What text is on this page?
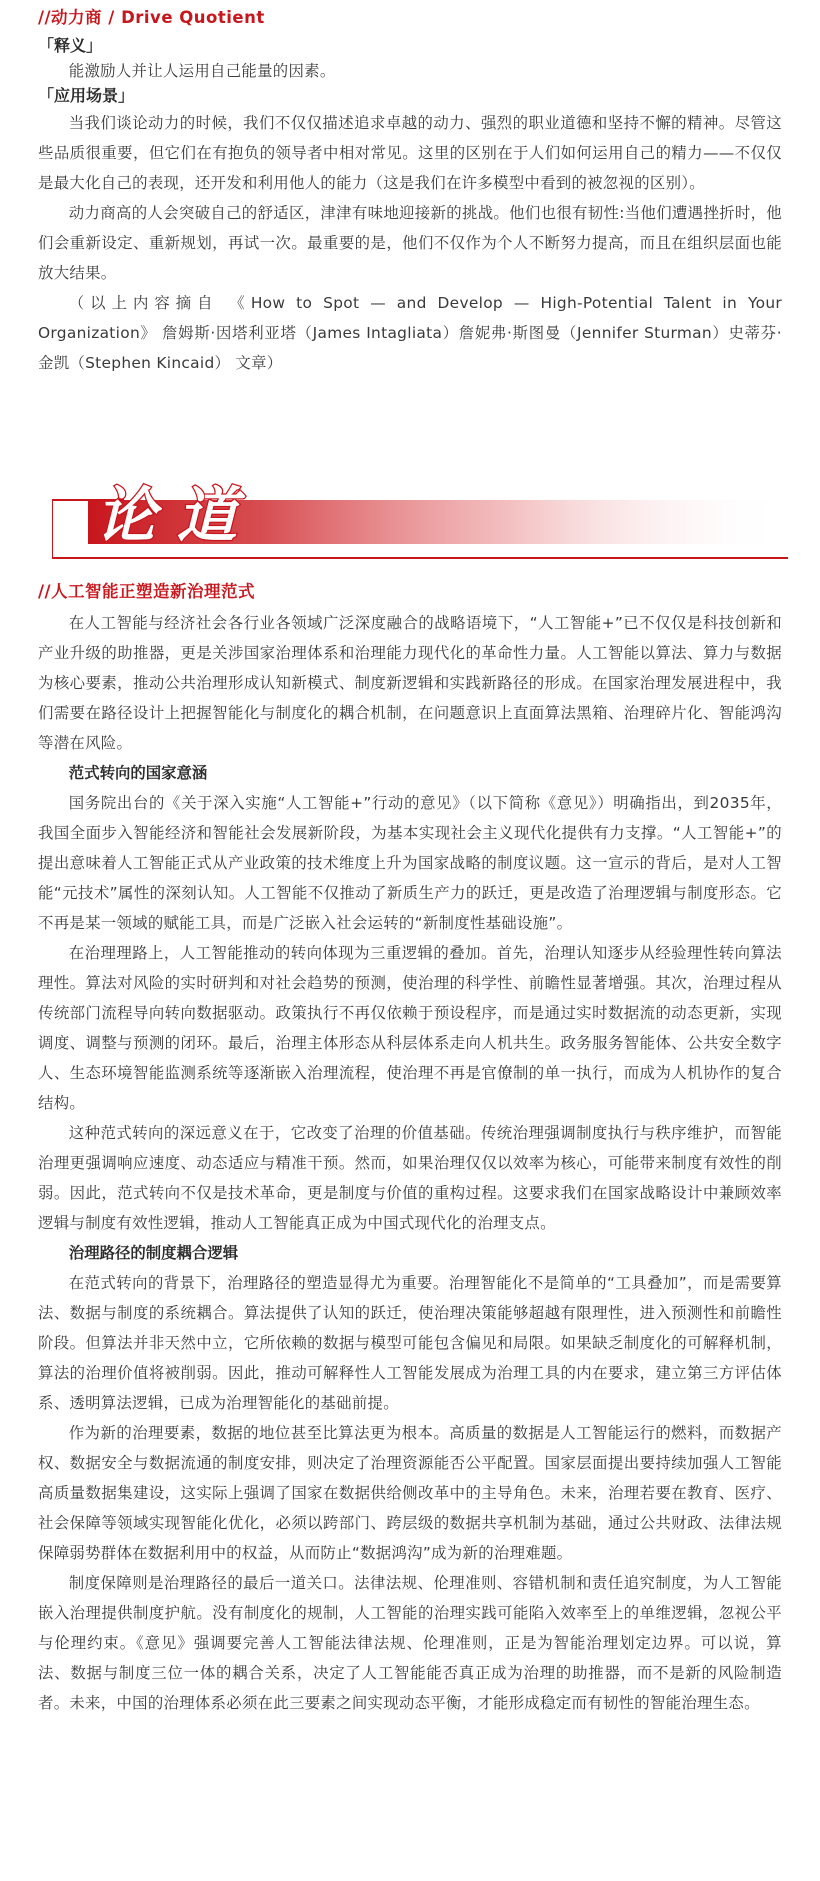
//动力商 / Drive Quotient
「释义」

能激励人并让人运用自己能量的因素。

「应用场景」

当我们谈论动力的时候，我们不仅仅描述追求卓越的动力、强烈的职业道德和坚持不懈的精神。尽管这些品质很重要，但它们在有抱负的领导者中相对常见。这里的区别在于人们如何运用自己的精力——不仅仅是最大化自己的表现，还开发和利用他人的能力（这是我们在许多模型中看到的被忽视的区别）。

动力商高的人会突破自己的舒适区，津津有味地迎接新的挑战。他们也很有韧性:当他们遭遇挫折时，他们会重新设定、重新规划，再试一次。最重要的是，他们不仅作为个人不断努力提高，而且在组织层面也能放大结果。

（以上内容摘自 《How to Spot — and Develop — High-Potential Talent in Your Organization》 詹姆斯·因塔利亚塔（James Intagliata）詹妮弗·斯图曼（Jennifer Sturman）史蒂芬·金凯（Stephen Kincaid） 文章）

论 道
//人工智能正塑造新治理范式

在人工智能与经济社会各行业各领域广泛深度融合的战略语境下，“人工智能+”已不仅仅是科技创新和产业升级的助推器，更是关涉国家治理体系和治理能力现代化的革命性力量。人工智能以算法、算力与数据为核心要素，推动公共治理形成认知新模式、制度新逻辑和实践新路径的形成。在国家治理发展进程中，我们需要在路径设计上把握智能化与制度化的耦合机制，在问题意识上直面算法黑箱、治理碎片化、智能鸿沟等潜在风险。

范式转向的国家意涵

国务院出台的《关于深入实施“人工智能+”行动的意见》（以下简称《意见》）明确指出，到2035年，我国全面步入智能经济和智能社会发展新阶段，为基本实现社会主义现代化提供有力支撑。“人工智能+”的提出意味着人工智能正式从产业政策的技术维度上升为国家战略的制度议题。这一宣示的背后，是对人工智能“元技术”属性的深刻认知。人工智能不仅推动了新质生产力的跃迁，更是改造了治理逻辑与制度形态。它不再是某一领域的赋能工具，而是广泛嵌入社会运转的“新制度性基础设施”。

在治理理路上，人工智能推动的转向体现为三重逻辑的叠加。首先，治理认知逐步从经验理性转向算法理性。算法对风险的实时研判和对社会趋势的预测，使治理的科学性、前瞻性显著增强。其次，治理过程从传统部门流程导向转向数据驱动。政策执行不再仅依赖于预设程序，而是通过实时数据流的动态更新，实现调度、调整与预测的闭环。最后，治理主体形态从科层体系走向人机共生。政务服务智能体、公共安全数字人、生态环境智能监测系统等逐渐嵌入治理流程，使治理不再是官僚制的单一执行，而成为人机协作的复合结构。

这种范式转向的深远意义在于，它改变了治理的价值基础。传统治理强调制度执行与秩序维护，而智能治理更强调响应速度、动态适应与精准干预。然而，如果治理仅仅以效率为核心，可能带来制度有效性的削弱。因此，范式转向不仅是技术革命，更是制度与价值的重构过程。这要求我们在国家战略设计中兼顾效率逻辑与制度有效性逻辑，推动人工智能真正成为中国式现代化的治理支点。

治理路径的制度耦合逻辑

在范式转向的背景下，治理路径的塑造显得尤为重要。治理智能化不是简单的“工具叠加”，而是需要算法、数据与制度的系统耦合。算法提供了认知的跃迁，使治理决策能够超越有限理性，进入预测性和前瞻性阶段。但算法并非天然中立，它所依赖的数据与模型可能包含偏见和局限。如果缺乏制度化的可解释机制，算法的治理价值将被削弱。因此，推动可解释性人工智能发展成为治理工具的内在要求，建立第三方评估体系、透明算法逻辑，已成为治理智能化的基础前提。

作为新的治理要素，数据的地位甚至比算法更为根本。高质量的数据是人工智能运行的燃料，而数据产权、数据安全与数据流通的制度安排，则决定了治理资源能否公平配置。国家层面提出要持续加强人工智能高质量数据集建设，这实际上强调了国家在数据供给侧改革中的主导角色。未来，治理若要在教育、医疗、社会保障等领域实现智能化优化，必须以跨部门、跨层级的数据共享机制为基础，通过公共财政、法律法规保障弱势群体在数据利用中的权益，从而防止“数据鸿沟”成为新的治理难题。

制度保障则是治理路径的最后一道关口。法律法规、伦理准则、容错机制和责任追究制度，为人工智能嵌入治理提供制度护航。没有制度化的规制，人工智能的治理实践可能陷入效率至上的单维逻辑，忽视公平与伦理约束。《意见》强调要完善人工智能法律法规、伦理准则，正是为智能治理划定边界。可以说，算法、数据与制度三位一体的耦合关系，决定了人工智能能否真正成为治理的助推器，而不是新的风险制造者。未来，中国的治理体系必须在此三要素之间实现动态平衡，才能形成稳定而有韧性的智能治理生态。
